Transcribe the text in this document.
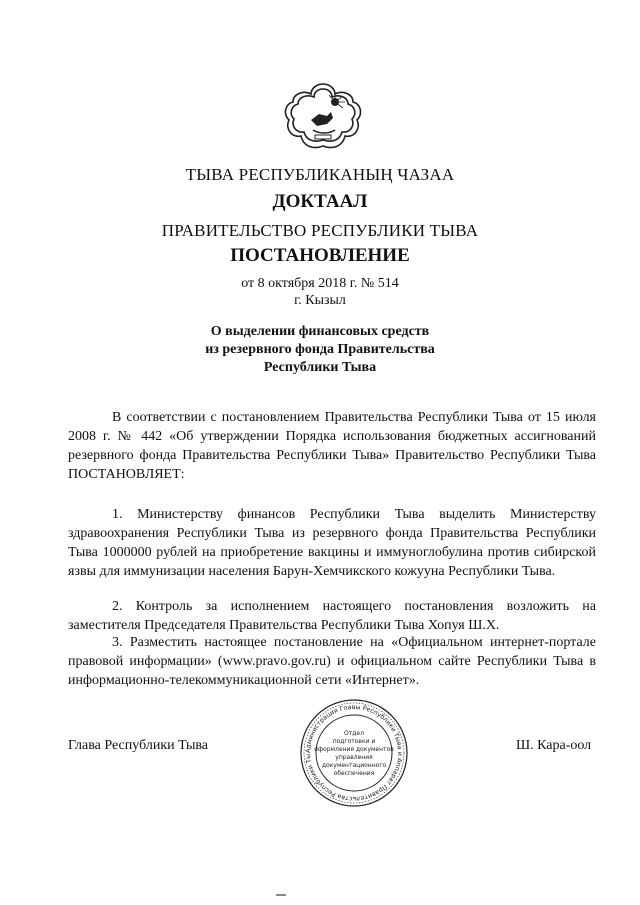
ТЫВА РЕСПУБЛИКАНЫҢ ЧАЗАА
ДОКТААЛ
ПРАВИТЕЛЬСТВО РЕСПУБЛИКИ ТЫВА
ПОСТАНОВЛЕНИЕ
от 8 октября 2018 г. № 514
г. Кызыл
О выделении финансовых средств
из резервного фонда Правительства
Республики Тыва
В соответствии с постановлением Правительства Республики Тыва от 15 июля 2008 г. № 442 «Об утверждении Порядка использования бюджетных ассигнований резервного фонда Правительства Республики Тыва» Правительство Республики Тыва ПОСТАНОВЛЯЕТ:
1. Министерству финансов Республики Тыва выделить Министерству здравоохранения Республики Тыва из резервного фонда Правительства Республики Тыва 1000000 рублей на приобретение вакцины и иммуноглобулина против сибирской язвы для иммунизации населения Барун-Хемчикского кожууна Республики Тыва.
2. Контроль за исполнением настоящего постановления возложить на заместителя Председателя Правительства Республики Тыва Хопуя Ш.Х.
3. Разместить настоящее постановление на «Официальном интернет-портале правовой информации» (www.pravo.gov.ru) и официальном сайте Республики Тыва в информационно-телекоммуникационной сети «Интернет».
Глава Республики Тыва	Ш. Кара-оол
Администрация Главы Республики Тыва и Аппарат Правительства Республики Ты
Отдел
подготовки и
оформления документов
управления
документационного
обеспечения
